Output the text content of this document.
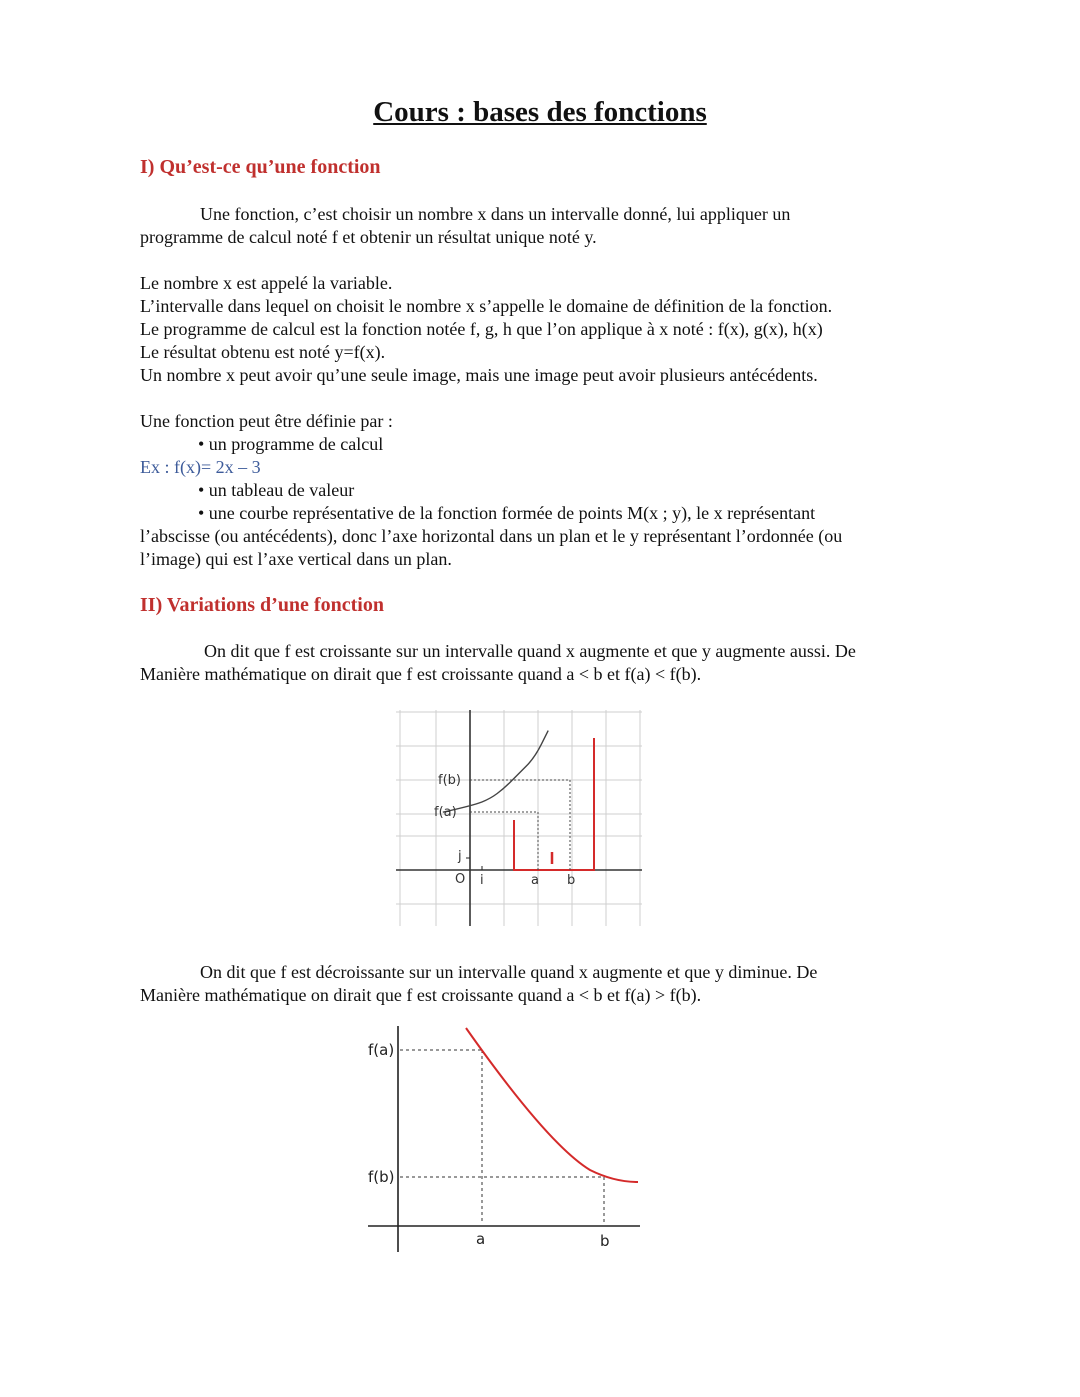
Cours : bases des fonctions
I) Qu’est-ce qu’une fonction
Une fonction, c’est choisir un nombre x dans un intervalle donné, lui appliquer un
programme de calcul noté f et obtenir un résultat unique noté y.
Le nombre x est appelé la variable.
L’intervalle dans lequel on choisit le nombre x s’appelle le domaine de définition de la fonction.
Le programme de calcul est la fonction notée f, g, h que l’on applique à x noté : f(x), g(x), h(x)
Le résultat obtenu est noté y=f(x).
Un nombre x peut avoir qu’une seule image, mais une image peut avoir plusieurs antécédents.
Une fonction peut être définie par :
• un programme de calcul
Ex : f(x)= 2x – 3
• un tableau de valeur
• une courbe représentative de la fonction formée de points M(x ; y), le x représentant
l’abscisse (ou antécédents), donc l’axe horizontal dans un plan et le y représentant l’ordonnée (ou
l’image) qui est l’axe vertical dans un plan.
II) Variations d’une fonction
On dit que f est croissante sur un intervalle quand x augmente et que y augmente aussi. De
Manière mathématique on dirait que f est croissante quand a < b et f(a) < f(b).
f(b)
f(a)
j
O i	a b
On dit que f est décroissante sur un intervalle quand x augmente et que y diminue. De
Manière mathématique on dirait que f est croissante quand a < b et f(a) > f(b).
f(a)
f(b)
a	b
